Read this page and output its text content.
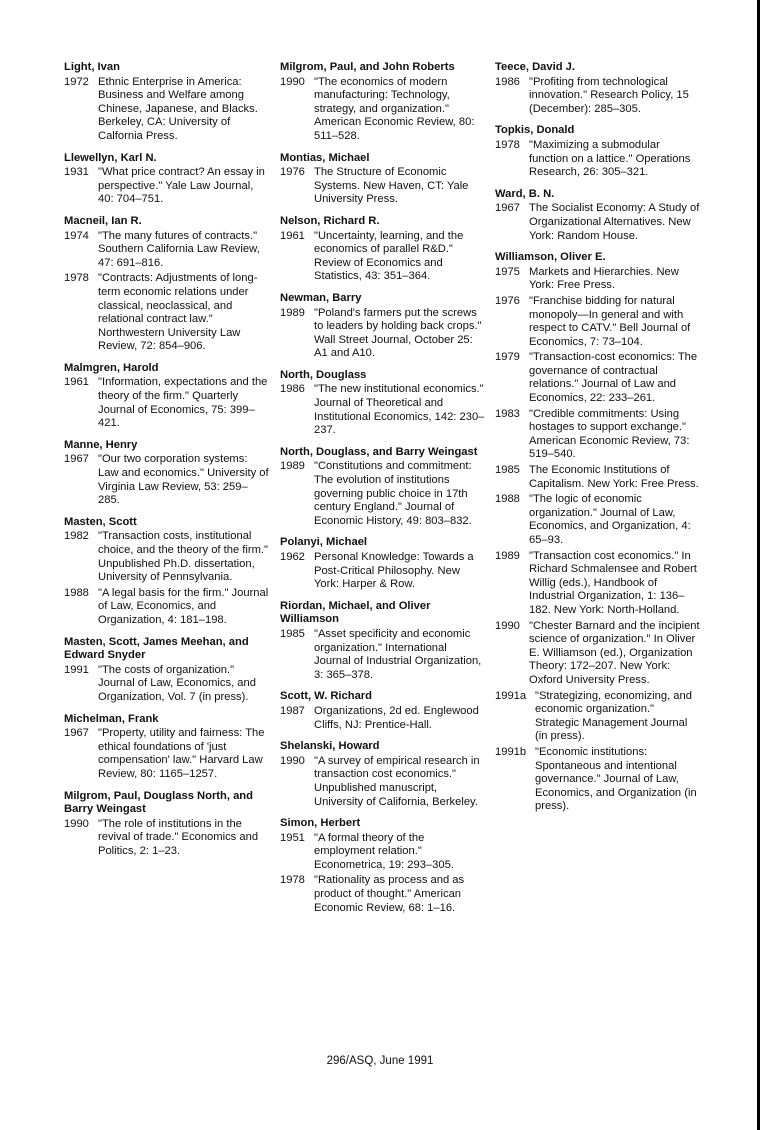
Light, Ivan
1972 Ethnic Enterprise in America: Business and Welfare among Chinese, Japanese, and Blacks. Berkeley, CA: University of Calfornia Press.
Llewellyn, Karl N.
1931 "What price contract? An essay in perspective." Yale Law Journal, 40: 704–751.
Macneil, Ian R.
1974 "The many futures of contracts." Southern California Law Review, 47: 691–816.
1978 "Contracts: Adjustments of long-term economic relations under classical, neoclassical, and relational contract law." Northwestern University Law Review, 72: 854–906.
Malmgren, Harold
1961 "Information, expectations and the theory of the firm." Quarterly Journal of Economics, 75: 399–421.
Manne, Henry
1967 "Our two corporation systems: Law and economics." University of Virginia Law Review, 53: 259–285.
Masten, Scott
1982 "Transaction costs, institutional choice, and the theory of the firm." Unpublished Ph.D. dissertation, University of Pennsylvania.
1988 "A legal basis for the firm." Journal of Law, Economics, and Organization, 4: 181–198.
Masten, Scott, James Meehan, and Edward Snyder
1991 "The costs of organization." Journal of Law, Economics, and Organization, Vol. 7 (in press).
Michelman, Frank
1967 "Property, utility and fairness: The ethical foundations of 'just compensation' law." Harvard Law Review, 80: 1165–1257.
Milgrom, Paul, Douglass North, and Barry Weingast
1990 "The role of institutions in the revival of trade." Economics and Politics, 2: 1–23.
Milgrom, Paul, and John Roberts
1990 "The economics of modern manufacturing: Technology, strategy, and organization." American Economic Review, 80: 511–528.
Montias, Michael
1976 The Structure of Economic Systems. New Haven, CT: Yale University Press.
Nelson, Richard R.
1961 "Uncertainty, learning, and the economics of parallel R&D." Review of Economics and Statistics, 43: 351–364.
Newman, Barry
1989 "Poland's farmers put the screws to leaders by holding back crops." Wall Street Journal, October 25: A1 and A10.
North, Douglass
1986 "The new institutional economics." Journal of Theoretical and Institutional Economics, 142: 230–237.
North, Douglass, and Barry Weingast
1989 "Constitutions and commitment: The evolution of institutions governing public choice in 17th century England." Journal of Economic History, 49: 803–832.
Polanyi, Michael
1962 Personal Knowledge: Towards a Post-Critical Philosophy. New York: Harper & Row.
Riordan, Michael, and Oliver Williamson
1985 "Asset specificity and economic organization." International Journal of Industrial Organization, 3: 365–378.
Scott, W. Richard
1987 Organizations, 2d ed. Englewood Cliffs, NJ: Prentice-Hall.
Shelanski, Howard
1990 "A survey of empirical research in transaction cost economics." Unpublished manuscript, University of California, Berkeley.
Simon, Herbert
1951 "A formal theory of the employment relation." Econometrica, 19: 293–305.
1978 "Rationality as process and as product of thought." American Economic Review, 68: 1–16.
Teece, David J.
1986 "Profiting from technological innovation." Research Policy, 15 (December): 285–305.
Topkis, Donald
1978 "Maximizing a submodular function on a lattice." Operations Research, 26: 305–321.
Ward, B. N.
1967 The Socialist Economy: A Study of Organizational Alternatives. New York: Random House.
Williamson, Oliver E.
1975 Markets and Hierarchies. New York: Free Press.
1976 "Franchise bidding for natural monopoly—In general and with respect to CATV." Bell Journal of Economics, 7: 73–104.
1979 "Transaction-cost economics: The governance of contractual relations." Journal of Law and Economics, 22: 233–261.
1983 "Credible commitments: Using hostages to support exchange." American Economic Review, 73: 519–540.
1985 The Economic Institutions of Capitalism. New York: Free Press.
1988 "The logic of economic organization." Journal of Law, Economics, and Organization, 4: 65–93.
1989 "Transaction cost economics." In Richard Schmalensee and Robert Willig (eds.), Handbook of Industrial Organization, 1: 136–182. New York: North-Holland.
1990 "Chester Barnard and the incipient science of organization." In Oliver E. Williamson (ed.), Organization Theory: 172–207. New York: Oxford University Press.
1991a "Strategizing, economizing, and economic organization." Strategic Management Journal (in press).
1991b "Economic institutions: Spontaneous and intentional governance." Journal of Law, Economics, and Organization (in press).
296/ASQ, June 1991
